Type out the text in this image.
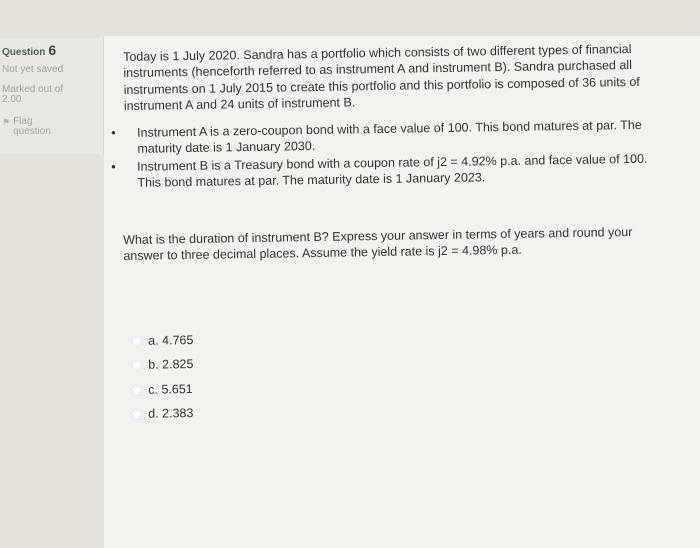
Question 6
Not yet saved
Marked out of
2.00
⚑ Flag
question

Today is 1 July 2020. Sandra has a portfolio which consists of two different types of financial instruments (henceforth referred to as instrument A and instrument B). Sandra purchased all instruments on 1 July 2015 to create this portfolio and this portfolio is composed of 36 units of instrument A and 24 units of instrument B.

•	Instrument A is a zero-coupon bond with a face value of 100. This bond matures at par. The maturity date is 1 January 2030.
•	Instrument B is a Treasury bond with a coupon rate of j2 = 4.92% p.a. and face value of 100. This bond matures at par. The maturity date is 1 January 2023.

What is the duration of instrument B? Express your answer in terms of years and round your answer to three decimal places. Assume the yield rate is j2 = 4.98% p.a.

a. 4.765
b. 2.825
c. 5.651
d. 2.383
